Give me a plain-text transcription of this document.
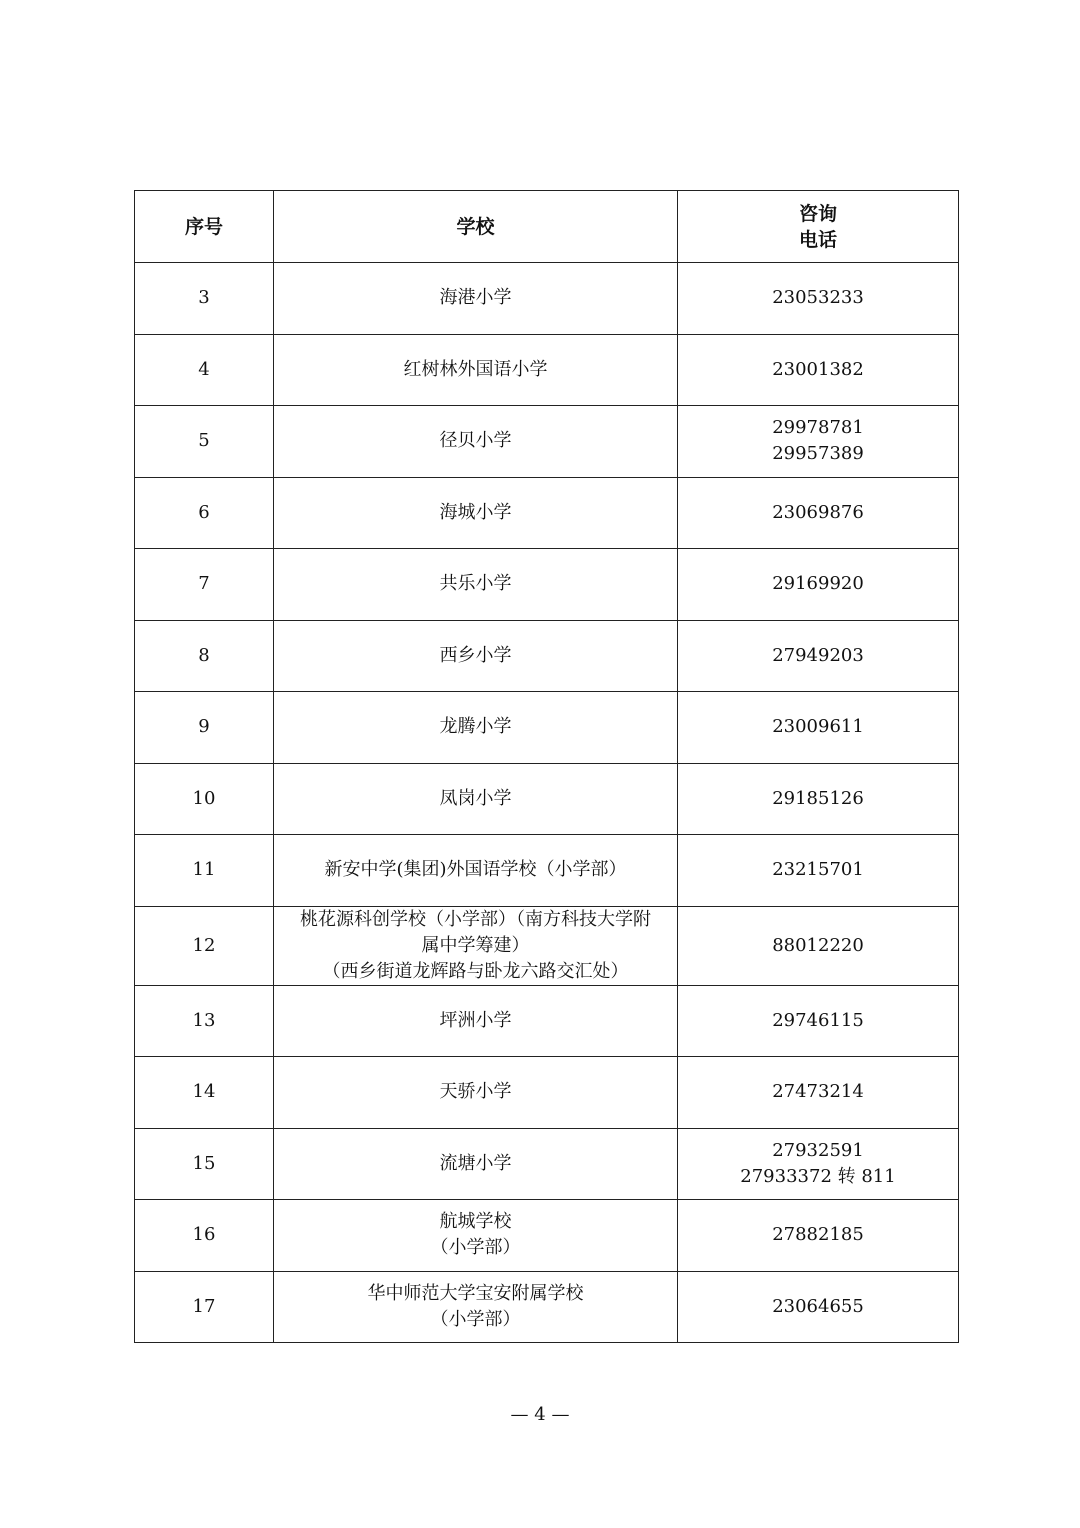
序号	学校	咨询
电话

3	海港小学	23053233

4	红树林外国语小学	23001382

5	径贝小学	29978781
29957389

6	海城小学	23069876

7	共乐小学	29169920

8	西乡小学	27949203

9	龙腾小学	23009611

10	凤岗小学	29185126

11	新安中学(集团)外国语学校（小学部）	23215701

12	桃花源科创学校（小学部）（南方科技大学附
属中学筹建）
（西乡街道龙辉路与卧龙六路交汇处）	88012220

13	坪洲小学	29746115

14	天骄小学	27473214

15	流塘小学	27932591
27933372 转 811

16	航城学校
（小学部）	27882185

17	华中师范大学宝安附属学校
（小学部）	23064655
— 4 —
